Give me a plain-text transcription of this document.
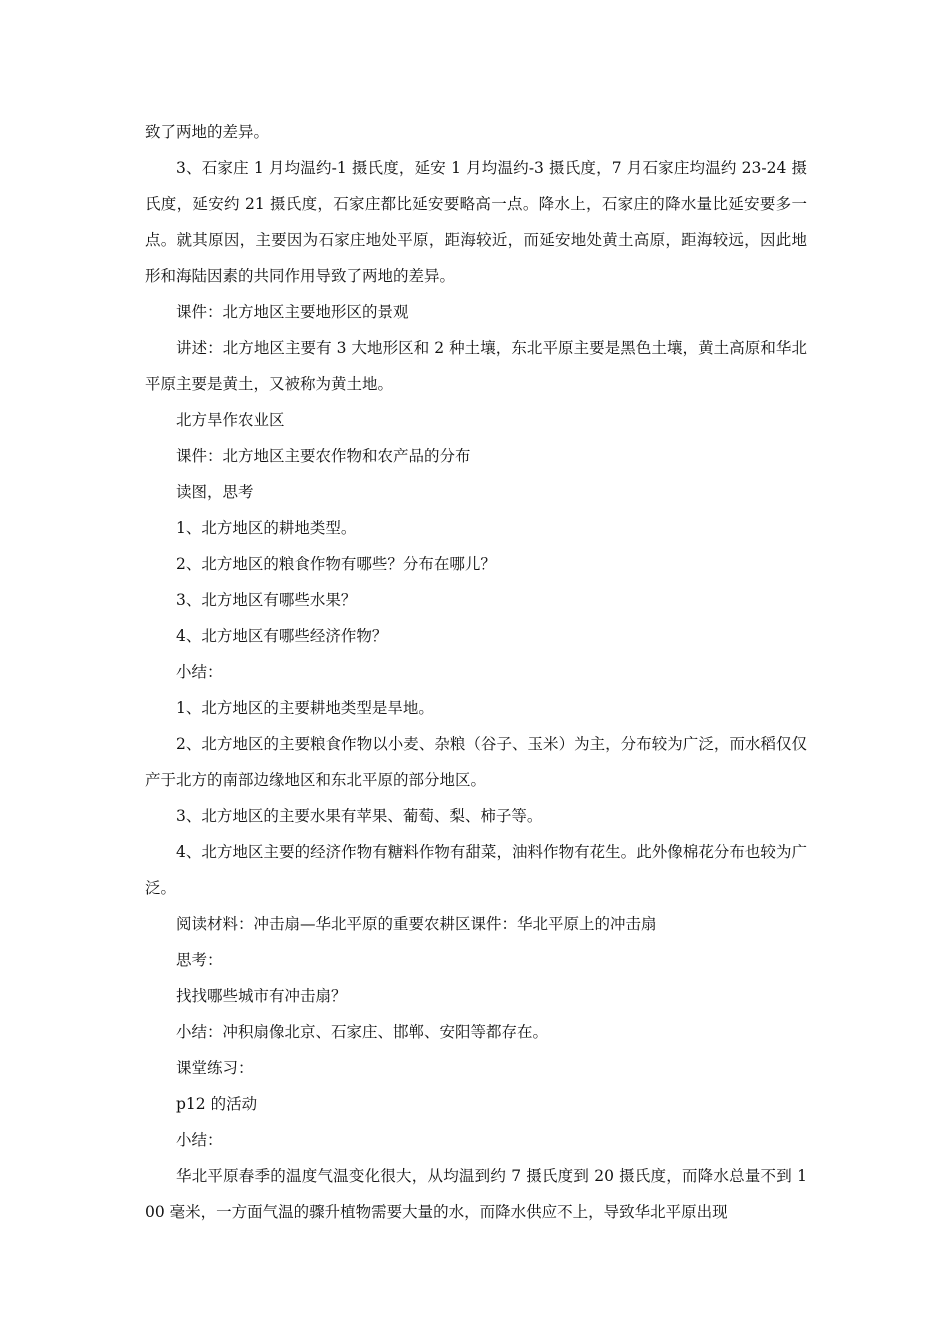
致了两地的差异。

3、石家庄 1 月均温约-1 摄氏度，延安 1 月均温约-3 摄氏度，7 月石家庄均温约 23-24 摄氏度，延安约 21 摄氏度，石家庄都比延安要略高一点。降水上，石家庄的降水量比延安要多一点。就其原因，主要因为石家庄地处平原，距海较近，而延安地处黄土高原，距海较远，因此地形和海陆因素的共同作用导致了两地的差异。

课件：北方地区主要地形区的景观

讲述：北方地区主要有 3 大地形区和 2 种土壤，东北平原主要是黑色土壤，黄土高原和华北平原主要是黄土，又被称为黄土地。

北方旱作农业区

课件：北方地区主要农作物和农产品的分布

读图，思考

1、北方地区的耕地类型。

2、北方地区的粮食作物有哪些？分布在哪儿？

3、北方地区有哪些水果？

4、北方地区有哪些经济作物？

小结：

1、北方地区的主要耕地类型是旱地。

2、北方地区的主要粮食作物以小麦、杂粮（谷子、玉米）为主，分布较为广泛，而水稻仅仅产于北方的南部边缘地区和东北平原的部分地区。

3、北方地区的主要水果有苹果、葡萄、梨、柿子等。

4、北方地区主要的经济作物有糖料作物有甜菜，油料作物有花生。此外像棉花分布也较为广泛。

阅读材料：冲击扇—华北平原的重要农耕区课件：华北平原上的冲击扇

思考：

找找哪些城市有冲击扇？

小结：冲积扇像北京、石家庄、邯郸、安阳等都存在。

课堂练习：

p12 的活动

小结：

华北平原春季的温度气温变化很大，从均温到约 7 摄氏度到 20 摄氏度，而降水总量不到 100 毫米，一方面气温的骤升植物需要大量的水，而降水供应不上，导致华北平原出现
